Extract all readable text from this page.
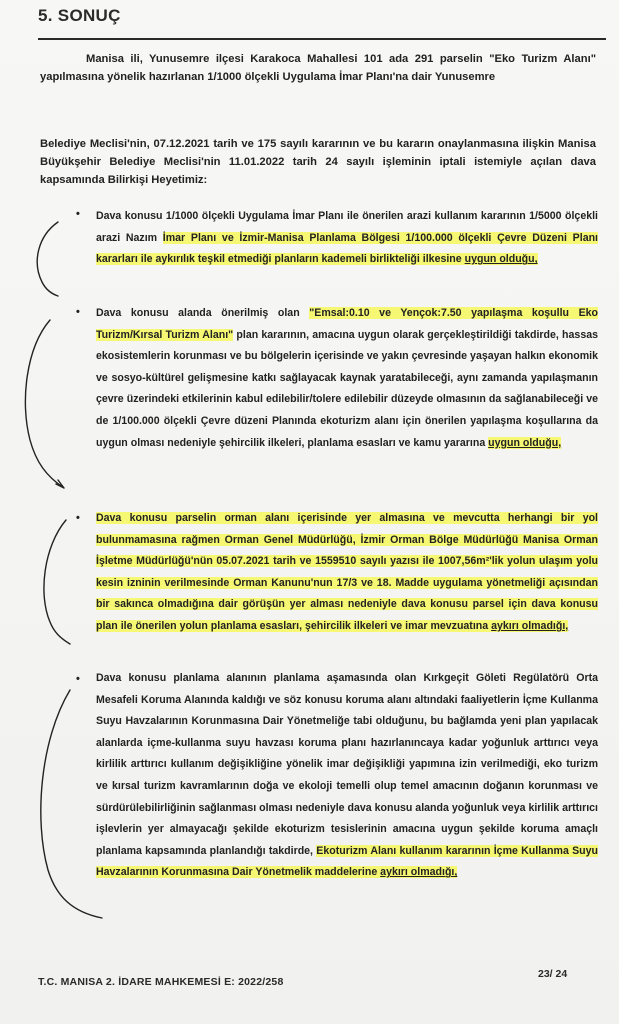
5. SONUÇ
Manisa ili, Yunusemre ilçesi Karakoca Mahallesi 101 ada 291 parselin "Eko Turizm Alanı" yapılmasına yönelik hazırlanan 1/1000 ölçekli Uygulama İmar Planı'na dair Yunusemre
Belediye Meclisi'nin, 07.12.2021 tarih ve 175 sayılı kararının ve bu kararın onaylanmasına ilişkin Manisa Büyükşehir Belediye Meclisi'nin 11.01.2022 tarih 24 sayılı işleminin iptali istemiyle açılan dava kapsamında Bilirkişi Heyetimiz:
• Dava konusu 1/1000 ölçekli Uygulama İmar Planı ile önerilen arazi kullanım kararının 1/5000 ölçekli arazi Nazım İmar Planı ve İzmir-Manisa Planlama Bölgesi 1/100.000 ölçekli Çevre Düzeni Planı kararları ile aykırılık teşkil etmediği planların kademeli birlikteliği ilkesine uygun olduğu,
• Dava konusu alanda önerilmiş olan "Emsal:0.10 ve Yençok:7.50 yapılaşma koşullu Eko Turizm/Kırsal Turizm Alanı" plan kararının, amacına uygun olarak gerçekleştirildiği takdirde, hassas ekosistemlerin korunması ve bu bölgelerin içerisinde ve yakın çevresinde yaşayan halkın ekonomik ve sosyo-kültürel gelişmesine katkı sağlayacak kaynak yaratabileceği, aynı zamanda yapılaşmanın çevre üzerindeki etkilerinin kabul edilebilir/tolere edilebilir düzeyde olmasının da sağlanabileceği ve de 1/100.000 ölçekli Çevre düzeni Planında ekoturizm alanı için önerilen yapılaşma koşullarına da uygun olması nedeniyle şehircilik ilkeleri, planlama esasları ve kamu yararına uygun olduğu,
• Dava konusu parselin orman alanı içerisinde yer almasına ve mevcutta herhangi bir yol bulunmamasına rağmen Orman Genel Müdürlüğü, İzmir Orman Bölge Müdürlüğü Manisa Orman İşletme Müdürlüğü'nün 05.07.2021 tarih ve 1559510 sayılı yazısı ile 1007,56m²'lik yolun ulaşım yolu kesin izninin verilmesinde Orman Kanunu'nun 17/3 ve 18. Madde uygulama yönetmeliği açısından bir sakınca olmadığına dair görüşün yer alması nedeniyle dava konusu parsel için dava konusu plan ile önerilen yolun planlama esasları, şehircilik ilkeleri ve imar mevzuatına aykırı olmadığı,
• Dava konusu planlama alanının planlama aşamasında olan Kırkgeçit Göleti Regülatörü Orta Mesafeli Koruma Alanında kaldığı ve söz konusu koruma alanı altındaki faaliyetlerin İçme Kullanma Suyu Havzalarının Korunmasına Dair Yönetmeliğe tabi olduğunu, bu bağlamda yeni plan yapılacak alanlarda içme-kullanma suyu havzası koruma planı hazırlanıncaya kadar yoğunluk arttırıcı veya kirlilik arttırıcı kullanım değişikliğine yönelik imar değişikliği yapımına izin verilmediği, eko turizm ve kırsal turizm kavramlarının doğa ve ekoloji temelli olup temel amacının doğanın korunması ve sürdürülebilirliğinin sağlanması olması nedeniyle dava konusu alanda yoğunluk veya kirlilik arttırıcı işlevlerin yer almayacağı şekilde ekoturizm tesislerinin amacına uygun şekilde koruma amaçlı planlama kapsamında planlandığı takdirde, Ekoturizm Alanı kullanım kararının İçme Kullanma Suyu Havzalarının Korunmasına Dair Yönetmelik maddelerine aykırı olmadığı,
T.C. MANISA 2. İDARE MAHKEMESİ E: 2022/258
23/ 24
